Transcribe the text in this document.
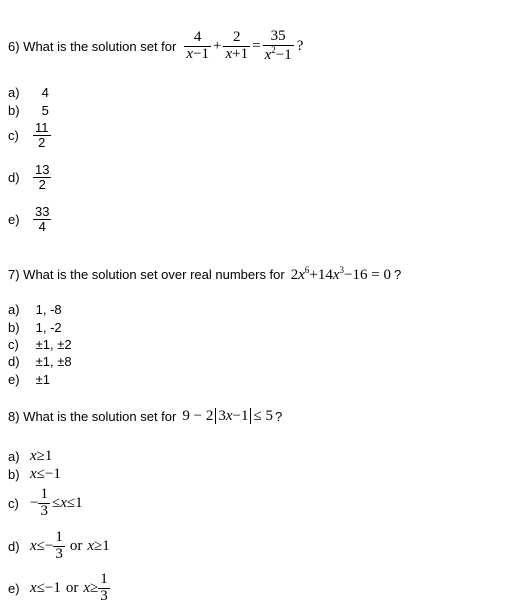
6) What is the solution set for $\frac{4}{x-1} + \frac{2}{x+1} = \frac{35}{x^2-1}$ ?
a) 4
b) 5
c)	$\frac{11}{2}$
d)	$\frac{13}{2}$
e)	$\frac{33}{4}$
7) What is the solution set over real numbers for $2x^6+14x^3-16 = 0$ ?
a) 1, -8
b) 1, -2
c) ±1, ±2
d) ±1, ±8
e) ±1
8) What is the solution set for 9 − 2 3x−1 ≤ 5 ?
a) x≥1
b) x≤−1
$c) - \frac{1}{3} \le x \le 1$
d) $x \le- \frac{1}{3}$ or x ≥1
e) x ≤−1 or $x \ge \frac{1}{3}$
